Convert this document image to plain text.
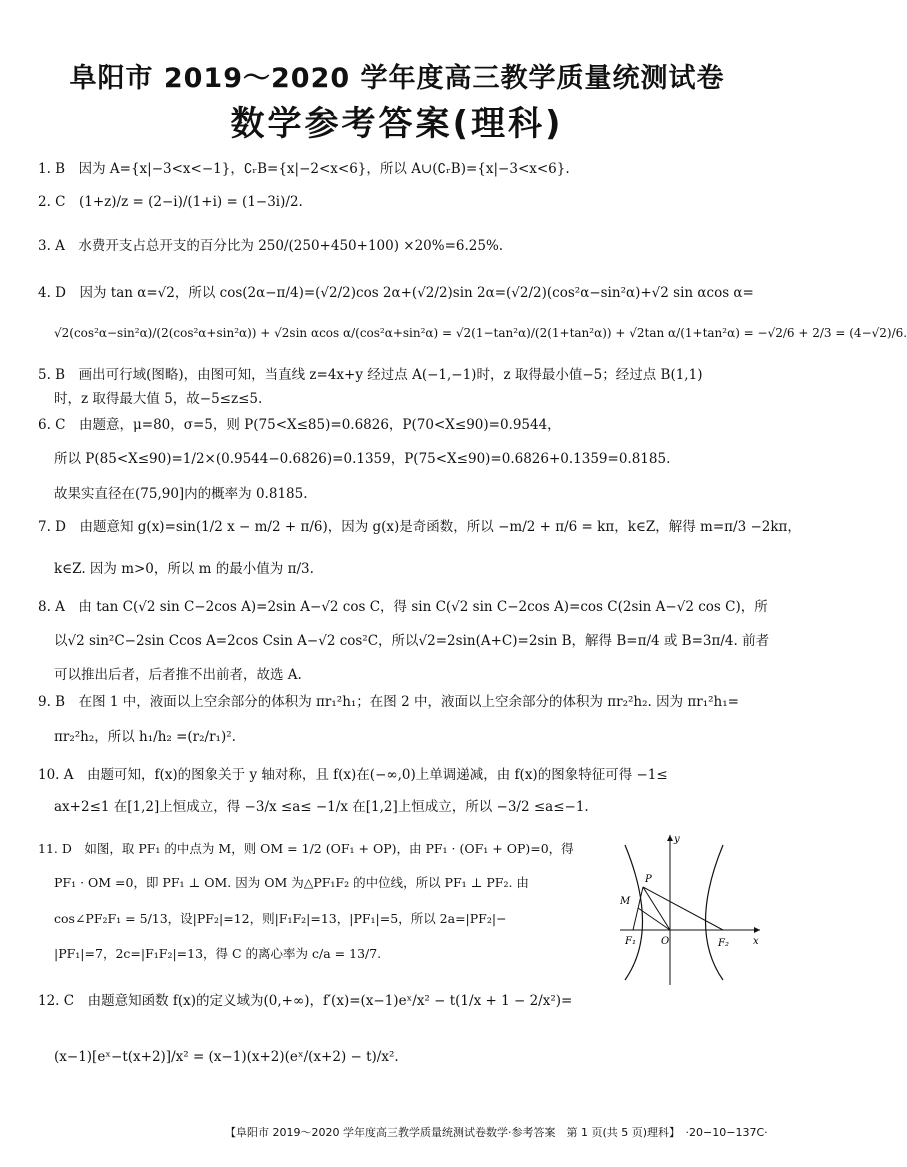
阜阳市 2019～2020 学年度高三教学质量统测试卷
数学参考答案(理科)
1. B　因为 A={x|−3<x<−1}，∁ᵣB={x|−2<x<6}，所以 A∪(∁ᵣB)={x|−3<x<6}.
2. C　(1+z)/z = (2−i)/(1+i) = (1−3i)/2.
3. A　水费开支占总开支的百分比为 250/(250+450+100) ×20%=6.25%.
4. D　因为 tan α=√2，所以 cos(2α−π/4)=(√2/2)cos 2α+(√2/2)sin 2α=(√2/2)(cos²α−sin²α)+√2 sin αcos α=
√2(cos²α−sin²α)/(2(cos²α+sin²α)) + √2sin αcos α/(cos²α+sin²α) = √2(1−tan²α)/(2(1+tan²α)) + √2tan α/(1+tan²α) = −√2/6 + 2/3 = (4−√2)/6.
5. B　画出可行域(图略)，由图可知，当直线 z=4x+y 经过点 A(−1,−1)时，z 取得最小值−5；经过点 B(1,1)
时，z 取得最大值 5，故−5≤z≤5.
6. C　由题意，μ=80，σ=5，则 P(75<X≤85)=0.6826，P(70<X≤90)=0.9544，
所以 P(85<X≤90)=1/2×(0.9544−0.6826)=0.1359，P(75<X≤90)=0.6826+0.1359=0.8185.
故果实直径在(75,90]内的概率为 0.8185.
7. D　由题意知 g(x)=sin(1/2 x − m/2 + π/6)，因为 g(x)是奇函数，所以 −m/2 + π/6 = kπ，k∈Z，解得 m=π/3 −2kπ，
k∈Z. 因为 m>0，所以 m 的最小值为 π/3.
8. A　由 tan C(√2 sin C−2cos A)=2sin A−√2 cos C，得 sin C(√2 sin C−2cos A)=cos C(2sin A−√2 cos C)，所
以√2 sin²C−2sin Ccos A=2cos Csin A−√2 cos²C，所以√2=2sin(A+C)=2sin B，解得 B=π/4 或 B=3π/4. 前者
可以推出后者，后者推不出前者，故选 A.
9. B　在图 1 中，液面以上空余部分的体积为 πr₁²h₁；在图 2 中，液面以上空余部分的体积为 πr₂²h₂. 因为 πr₁²h₁=
πr₂²h₂，所以 h₁/h₂ =(r₂/r₁)².
10. A　由题可知，f(x)的图象关于 y 轴对称，且 f(x)在(−∞,0)上单调递减，由 f(x)的图象特征可得 −1≤
ax+2≤1 在[1,2]上恒成立，得 −3/x ≤a≤ −1/x 在[1,2]上恒成立，所以 −3/2 ≤a≤−1.
11. D　如图，取 PF₁ 的中点为 M，则 OM = 1/2 (OF₁ + OP)，由 PF₁ · (OF₁ + OP)=0，得
PF₁ · OM =0，即 PF₁ ⊥ OM. 因为 OM 为△PF₁F₂ 的中位线，所以 PF₁ ⊥ PF₂. 由
cos∠PF₂F₁ = 5/13，设|PF₂|=12，则|F₁F₂|=13，|PF₁|=5，所以 2a=|PF₂|−
|PF₁|=7，2c=|F₁F₂|=13，得 C 的离心率为 c/a = 13/7.
12. C　由题意知函数 f(x)的定义域为(0,+∞)，f′(x)=(x−1)eˣ/x² − t(1/x + 1 − 2/x²)=
(x−1)[eˣ−t(x+2)]/x² = (x−1)(x+2)(eˣ/(x+2) − t)/x².
y
x
P
M
F₁	O	F₂
【阜阳市 2019～2020 学年度高三教学质量统测试卷数学·参考答案　第 1 页(共 5 页)理科】　·20−10−137C·
